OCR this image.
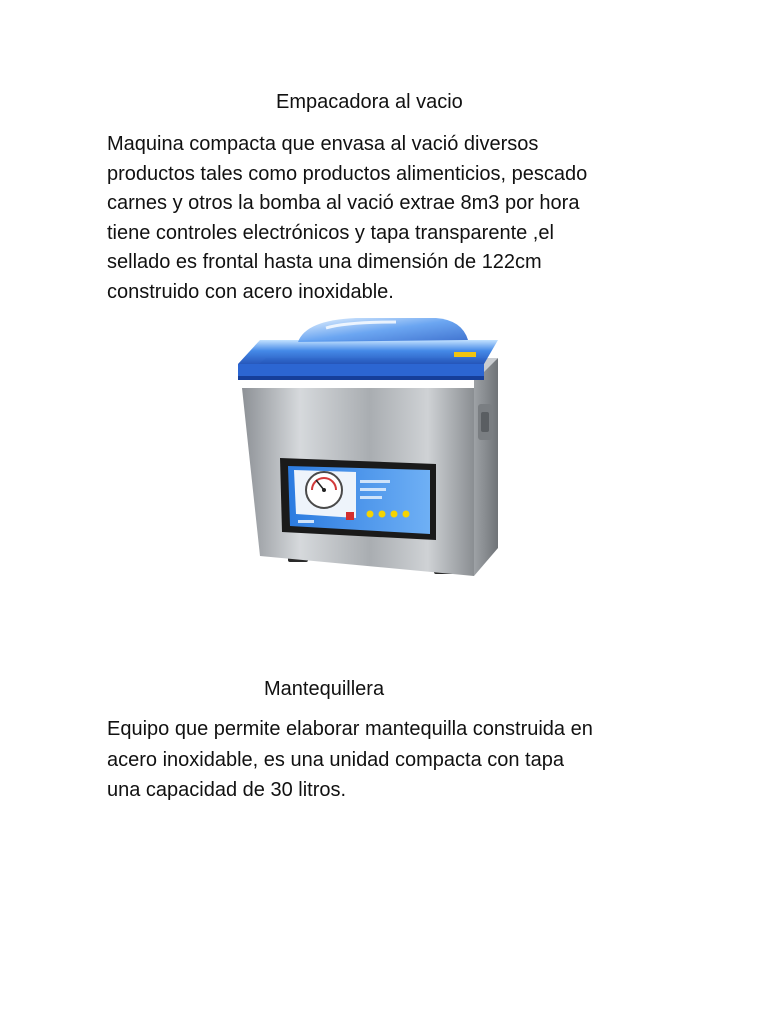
Empacadora al vacio
Maquina compacta que envasa al vació diversos
productos tales como productos alimenticios, pescado
carnes y otros la bomba al vació extrae 8m3 por hora
tiene controles electrónicos y tapa transparente ,el
sellado es frontal hasta una dimensión de 122cm
construido con acero inoxidable.
Mantequillera
Equipo que permite elaborar mantequilla construida en
acero inoxidable, es una unidad compacta con tapa
una capacidad de 30 litros.
